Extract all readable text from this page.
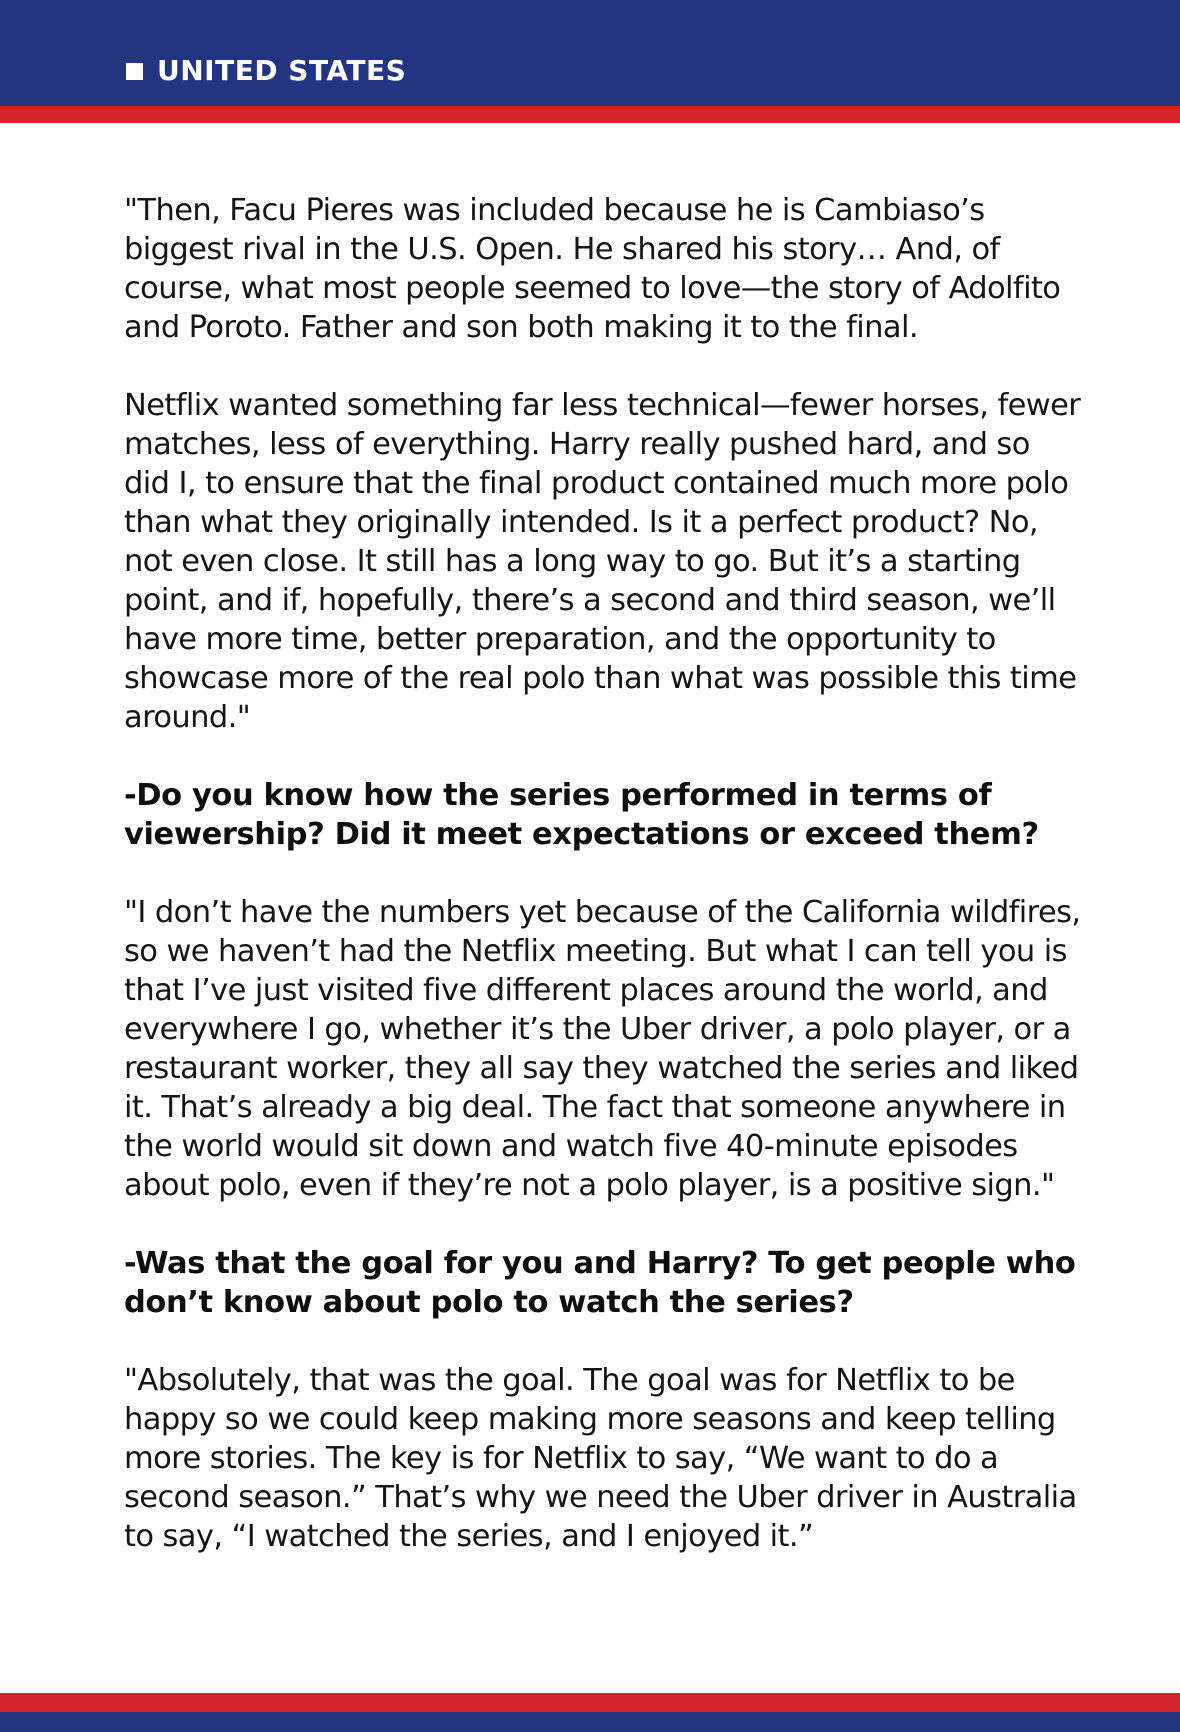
UNITED STATES

"Then, Facu Pieres was included because he is Cambiaso’s biggest rival in the U.S. Open. He shared his story… And, of course, what most people seemed to love—the story of Adolfito and Poroto. Father and son both making it to the final.

Netflix wanted something far less technical—fewer horses, fewer matches, less of everything. Harry really pushed hard, and so did I, to ensure that the final product contained much more polo than what they originally intended. Is it a perfect product? No, not even close. It still has a long way to go. But it’s a starting point, and if, hopefully, there’s a second and third season, we’ll have more time, better preparation, and the opportunity to showcase more of the real polo than what was possible this time around."

-Do you know how the series performed in terms of viewership? Did it meet expectations or exceed them?

"I don’t have the numbers yet because of the California wildfires, so we haven’t had the Netflix meeting. But what I can tell you is that I’ve just visited five different places around the world, and everywhere I go, whether it’s the Uber driver, a polo player, or a restaurant worker, they all say they watched the series and liked it. That’s already a big deal. The fact that someone anywhere in the world would sit down and watch five 40-minute episodes about polo, even if they’re not a polo player, is a positive sign."

-Was that the goal for you and Harry? To get people who don’t know about polo to watch the series?

"Absolutely, that was the goal. The goal was for Netflix to be happy so we could keep making more seasons and keep telling more stories. The key is for Netflix to say, “We want to do a second season.” That’s why we need the Uber driver in Australia to say, “I watched the series, and I enjoyed it.”
